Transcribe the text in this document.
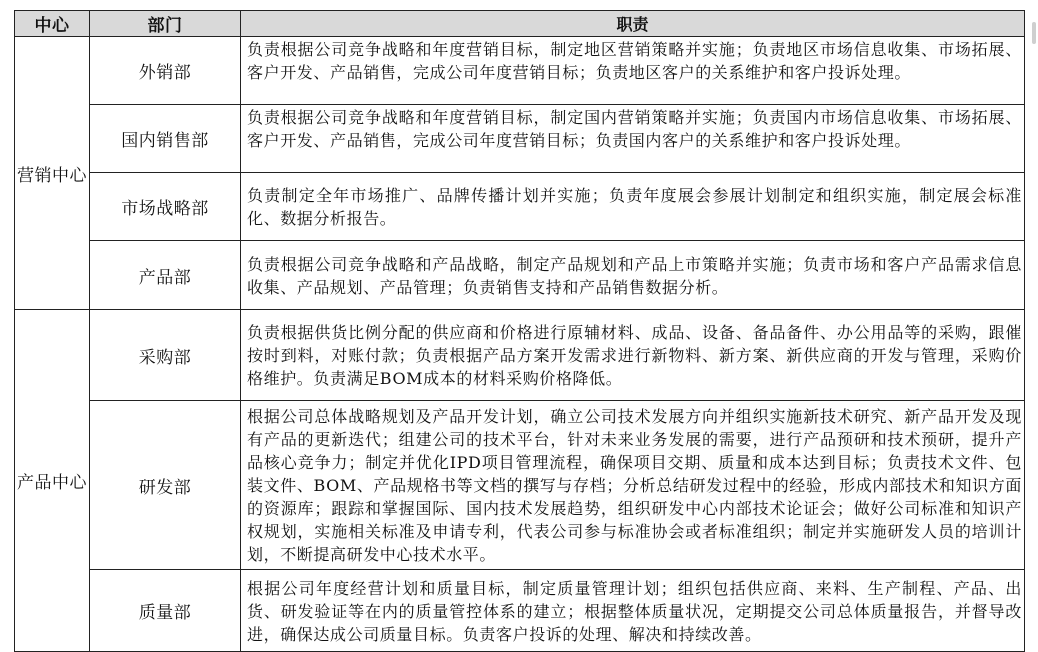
中心	部门	职责
营销中心	外销部	负责根据公司竞争战略和年度营销目标，制定地区营销策略并实施；负责地区市场信息收集、市场拓展、客户开发、产品销售，完成公司年度营销目标；负责地区客户的关系维护和客户投诉处理。
	国内销售部	负责根据公司竞争战略和年度营销目标，制定国内营销策略并实施；负责国内市场信息收集、市场拓展、客户开发、产品销售，完成公司年度营销目标；负责国内客户的关系维护和客户投诉处理。
	市场战略部	负责制定全年市场推广、品牌传播计划并实施；负责年度展会参展计划制定和组织实施，制定展会标准化、数据分析报告。
	产品部	负责根据公司竞争战略和产品战略，制定产品规划和产品上市策略并实施；负责市场和客户产品需求信息收集、产品规划、产品管理；负责销售支持和产品销售数据分析。
产品中心	采购部	负责根据供货比例分配的供应商和价格进行原辅材料、成品、设备、备品备件、办公用品等的采购，跟催按时到料，对账付款；负责根据产品方案开发需求进行新物料、新方案、新供应商的开发与管理，采购价格维护。负责满足BOM成本的材料采购价格降低。
	研发部	根据公司总体战略规划及产品开发计划，确立公司技术发展方向并组织实施新技术研究、新产品开发及现有产品的更新迭代；组建公司的技术平台，针对未来业务发展的需要，进行产品预研和技术预研，提升产品核心竞争力；制定并优化IPD项目管理流程，确保项目交期、质量和成本达到目标；负责技术文件、包装文件、BOM、产品规格书等文档的撰写与存档；分析总结研发过程中的经验，形成内部技术和知识方面的资源库；跟踪和掌握国际、国内技术发展趋势，组织研发中心内部技术论证会；做好公司标准和知识产权规划，实施相关标准及申请专利，代表公司参与标准协会或者标准组织；制定并实施研发人员的培训计划，不断提高研发中心技术水平。
	质量部	根据公司年度经营计划和质量目标，制定质量管理计划；组织包括供应商、来料、生产制程、产品、出货、研发验证等在内的质量管控体系的建立；根据整体质量状况，定期提交公司总体质量报告，并督导改进，确保达成公司质量目标。负责客户投诉的处理、解决和持续改善。
